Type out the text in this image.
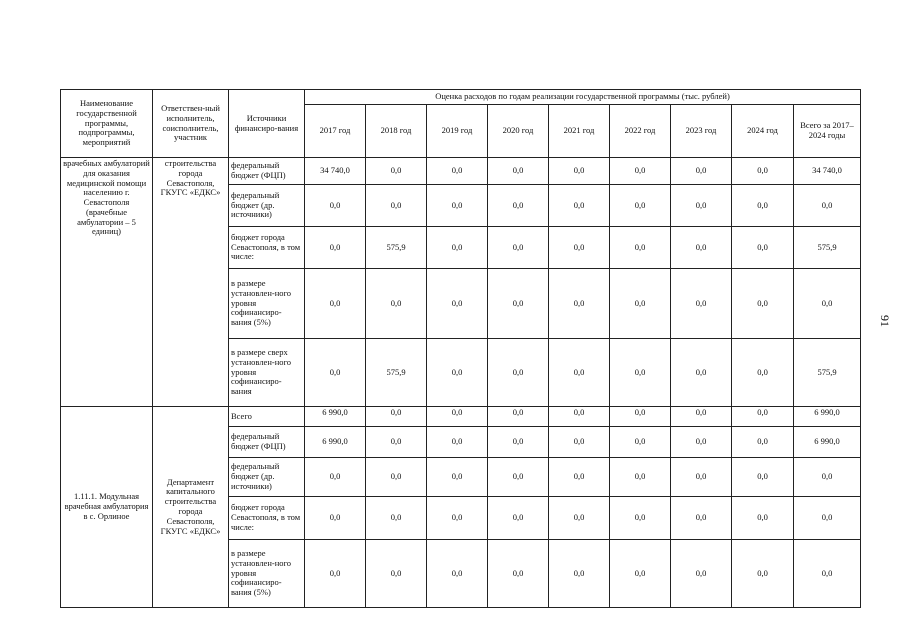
Наименование государственной программы, подпрограммы, мероприятий	Ответствен-ный исполнитель, соисполнитель, участник	Источники финансиро-вания	Оценка расходов по годам реализации государственной программы (тыс. рублей)								
			2017 год	2018 год	2019 год	2020 год	2021 год	2022 год	2023 год	2024 год	Всего за 2017–2024 годы
врачебных амбулаторий для оказания медицинской помощи населению г. Севастополя (врачебные амбулатории – 5 единиц)	строительства города Севастополя, ГКУГС «ЕДКС»	федеральный бюджет (ФЦП)	34 740,0	0,0	0,0	0,0	0,0	0,0	0,0	0,0	34 740,0
		федеральный бюджет (др. источники)	0,0	0,0	0,0	0,0	0,0	0,0	0,0	0,0	0,0
		бюджет города Севастополя, в том числе:	0,0	575,9	0,0	0,0	0,0	0,0	0,0	0,0	575,9
		в размере установлен-ного уровня софинансиро-вания (5%)	0,0	0,0	0,0	0,0	0,0	0,0	0,0	0,0	0,0
		в размере сверх установлен-ного уровня софинансиро-вания	0,0	575,9	0,0	0,0	0,0	0,0	0,0	0,0	575,9
1.11.1. Модульная врачебная амбулатория в с. Орлиное	Департамент капитального строительства города Севастополя, ГКУГС «ЕДКС»	Всего	6 990,0	0,0	0,0	0,0	0,0	0,0	0,0	0,0	6 990,0
		федеральный бюджет (ФЦП)	6 990,0	0,0	0,0	0,0	0,0	0,0	0,0	0,0	6 990,0
		федеральный бюджет (др. источники)	0,0	0,0	0,0	0,0	0,0	0,0	0,0	0,0	0,0
		бюджет города Севастополя, в том числе:	0,0	0,0	0,0	0,0	0,0	0,0	0,0	0,0	0,0
		в размере установлен-ного уровня софинансиро-вания (5%)	0,0	0,0	0,0	0,0	0,0	0,0	0,0	0,0	0,0
91
